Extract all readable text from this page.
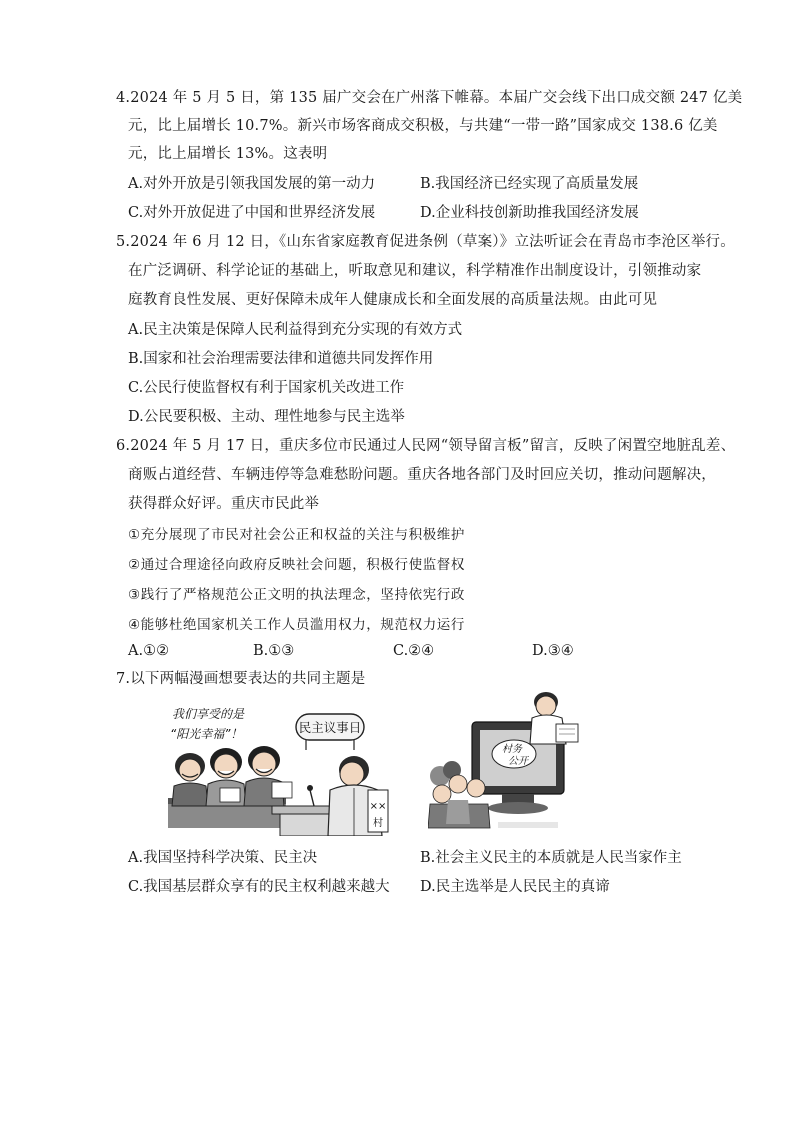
4.2024 年 5 月 5 日，第 135 届广交会在广州落下帷幕。本届广交会线下出口成交额 247 亿美
元，比上届增长 10.7%。新兴市场客商成交积极，与共建“一带一路”国家成交 138.6 亿美
元，比上届增长 13%。这表明
A.对外开放是引领我国发展的第一动力	B.我国经济已经实现了高质量发展
C.对外开放促进了中国和世界经济发展	D.企业科技创新助推我国经济发展
5.2024 年 6 月 12 日，《山东省家庭教育促进条例（草案）》立法听证会在青岛市李沧区举行。
在广泛调研、科学论证的基础上，听取意见和建议，科学精准作出制度设计，引领推动家
庭教育良性发展、更好保障未成年人健康成长和全面发展的高质量法规。由此可见
A.民主决策是保障人民利益得到充分实现的有效方式
B.国家和社会治理需要法律和道德共同发挥作用
C.公民行使监督权有利于国家机关改进工作
D.公民要积极、主动、理性地参与民主选举
6.2024 年 5 月 17 日，重庆多位市民通过人民网“领导留言板”留言，反映了闲置空地脏乱差、
商贩占道经营、车辆违停等急难愁盼问题。重庆各地各部门及时回应关切，推动问题解决，
获得群众好评。重庆市民此举
①充分展现了市民对社会公正和权益的关注与积极维护
②通过合理途径向政府反映社会问题，积极行使监督权
③践行了严格规范公正文明的执法理念，坚持依宪行政
④能够杜绝国家机关工作人员滥用权力，规范权力运行
A.①②	B.①③	C.②④	D.③④
7.以下两幅漫画想要表达的共同主题是
民主议事日
我们享受的是
“阳光幸福”！
××
村
村务
公开
A.我国坚持科学决策、民主决	B.社会主义民主的本质就是人民当家作主
C.我国基层群众享有的民主权利越来越大 D.民主选举是人民民主的真谛
